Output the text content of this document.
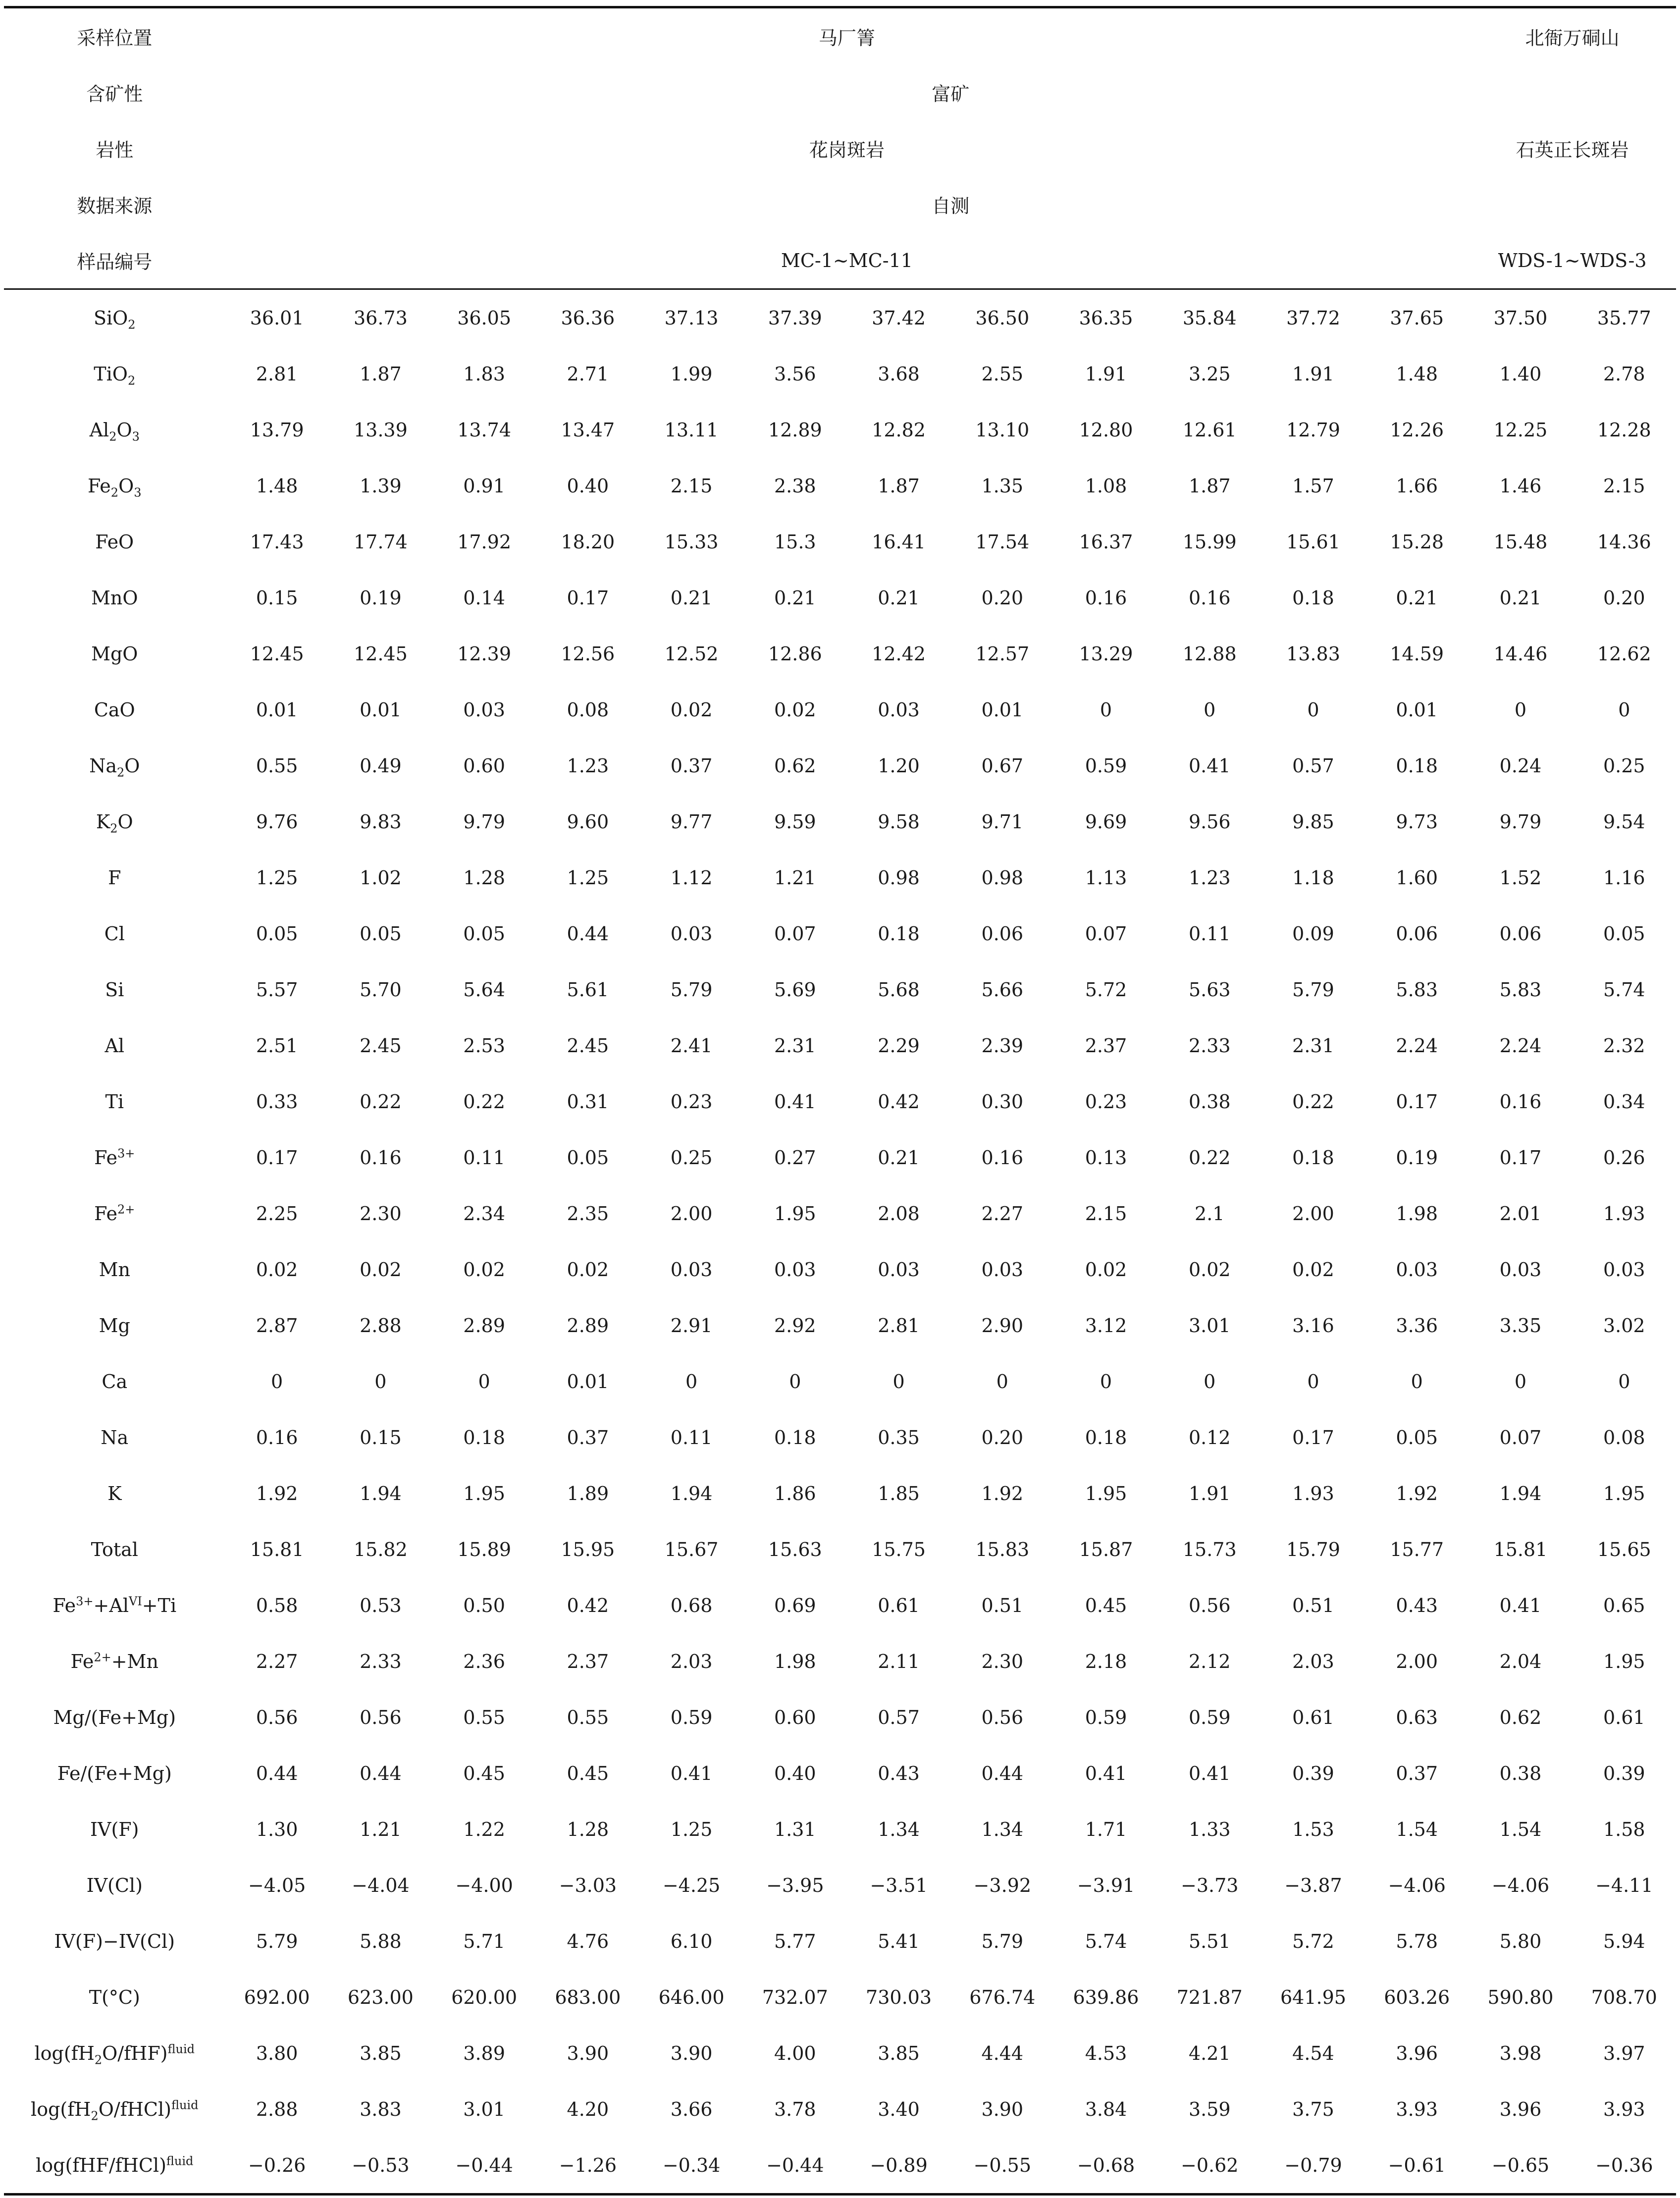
采样位置	马厂箐												北衙万硐山	
含矿性	富矿													
岩性	花岗斑岩												石英正长斑岩	
数据来源	自测													
样品编号	MC-1~MC-11												WDS-1~WDS-3	
SiO$_2$	36.01	36.73	36.05	36.36	37.13	37.39	37.42	36.50	36.35	35.84	37.72	37.65	37.50	35.77
TiO$_2$	2.81	1.87	1.83	2.71	1.99	3.56	3.68	2.55	1.91	3.25	1.91	1.48	1.40	2.78
$Al_2O_3$	13.79	13.39	13.74	13.47	13.11	12.89	12.82	13.10	12.80	12.61	12.79	12.26	12.25	12.28
$Fe_2O_3$	1.48	1.39	0.91	0.40	2.15	2.38	1.87	1.35	1.08	1.87	1.57	1.66	1.46	2.15
FeO	17.43	17.74	17.92	18.20	15.33	15.3	16.41	17.54	16.37	15.99	15.61	15.28	15.48	14.36
MnO	0.15	0.19	0.14	0.17	0.21	0.21	0.21	0.20	0.16	0.16	0.18	0.21	0.21	0.20
MgO	12.45	12.45	12.39	12.56	12.52	12.86	12.42	12.57	13.29	12.88	13.83	14.59	14.46	12.62
CaO	0.01	0.01	0.03	0.08	0.02	0.02	0.03	0.01	0	0	0	0.01	0	0
$Na_2O$	0.55	0.49	0.60	1.23	0.37	0.62	1.20	0.67	0.59	0.41	0.57	0.18	0.24	0.25
$K_2O$	9.76	9.83	9.79	9.60	9.77	9.59	9.58	9.71	9.69	9.56	9.85	9.73	9.79	9.54
F	1.25	1.02	1.28	1.25	1.12	1.21	0.98	0.98	1.13	1.23	1.18	1.60	1.52	1.16
Cl	0.05	0.05	0.05	0.44	0.03	0.07	0.18	0.06	0.07	0.11	0.09	0.06	0.06	0.05
Si	5.57	5.70	5.64	5.61	5.79	5.69	5.68	5.66	5.72	5.63	5.79	5.83	5.83	5.74
Al	2.51	2.45	2.53	2.45	2.41	2.31	2.29	2.39	2.37	2.33	2.31	2.24	2.24	2.32
Ti	0.33	0.22	0.22	0.31	0.23	0.41	0.42	0.30	0.23	0.38	0.22	0.17	0.16	0.34
$Fe^{3+}$	0.17	0.16	0.11	0.05	0.25	0.27	0.21	0.16	0.13	0.22	0.18	0.19	0.17	0.26
$Fe^{2+}$	2.25	2.30	2.34	2.35	2.00	1.95	2.08	2.27	2.15	2.1	2.00	1.98	2.01	1.93
Mn	0.02	0.02	0.02	0.02	0.03	0.03	0.03	0.03	0.02	0.02	0.02	0.03	0.03	0.03
Mg	2.87	2.88	2.89	2.89	2.91	2.92	2.81	2.90	3.12	3.01	3.16	3.36	3.35	3.02
Ca	0	0	0	0.01	0	0	0	0	0	0	0	0	0	0
Na	0.16	0.15	0.18	0.37	0.11	0.18	0.35	0.20	0.18	0.12	0.17	0.05	0.07	0.08
K	1.92	1.94	1.95	1.89	1.94	1.86	1.85	1.92	1.95	1.91	1.93	1.92	1.94	1.95
Total	15.81	15.82	15.89	15.95	15.67	15.63	15.75	15.83	15.87	15.73	15.79	15.77	15.81	15.65
$Fe^{3+}+Al^{VI}+Ti$	0.58	0.53	0.50	0.42	0.68	0.69	0.61	0.51	0.45	0.56	0.51	0.43	0.41	0.65
$Fe^{2+}+Mn$	2.27	2.33	2.36	2.37	2.03	1.98	2.11	2.30	2.18	2.12	2.03	2.00	2.04	1.95
Mg/(Fe+Mg)	0.56	0.56	0.55	0.55	0.59	0.60	0.57	0.56	0.59	0.59	0.61	0.63	0.62	0.61
Fe/(Fe+Mg)	0.44	0.44	0.45	0.45	0.41	0.40	0.43	0.44	0.41	0.41	0.39	0.37	0.38	0.39
IV(F)	1.30	1.21	1.22	1.28	1.25	1.31	1.34	1.34	1.71	1.33	1.53	1.54	1.54	1.58
IV(Cl)	−4.05	−4.04	−4.00	−3.03	−4.25	−3.95	−3.51	−3.92	−3.91	−3.73	−3.87	−4.06	−4.06	−4.11
IV(F)−IV(Cl)	5.79	5.88	5.71	4.76	6.10	5.77	5.41	5.79	5.74	5.51	5.72	5.78	5.80	5.94
T(°C)	692.00	623.00	620.00	683.00	646.00	732.07	730.03	676.74	639.86	721.87	641.95	603.26	590.80	708.70
$\log(fH_2O/fHF)^{fluid}$	3.80	3.85	3.89	3.90	3.90	4.00	3.85	4.44	4.53	4.21	4.54	3.96	3.98	3.97
$\log(fH_2O/fHCl)^{fluid}$	2.88	3.83	3.01	4.20	3.66	3.78	3.40	3.90	3.84	3.59	3.75	3.93	3.96	3.93
log(fHF/fHCl)$^{fluid}$	−0.26	−0.53	−0.44	−1.26	−0.34	−0.44	−0.89	−0.55	−0.68	−0.62	−0.79	−0.61	−0.65	−0.36
